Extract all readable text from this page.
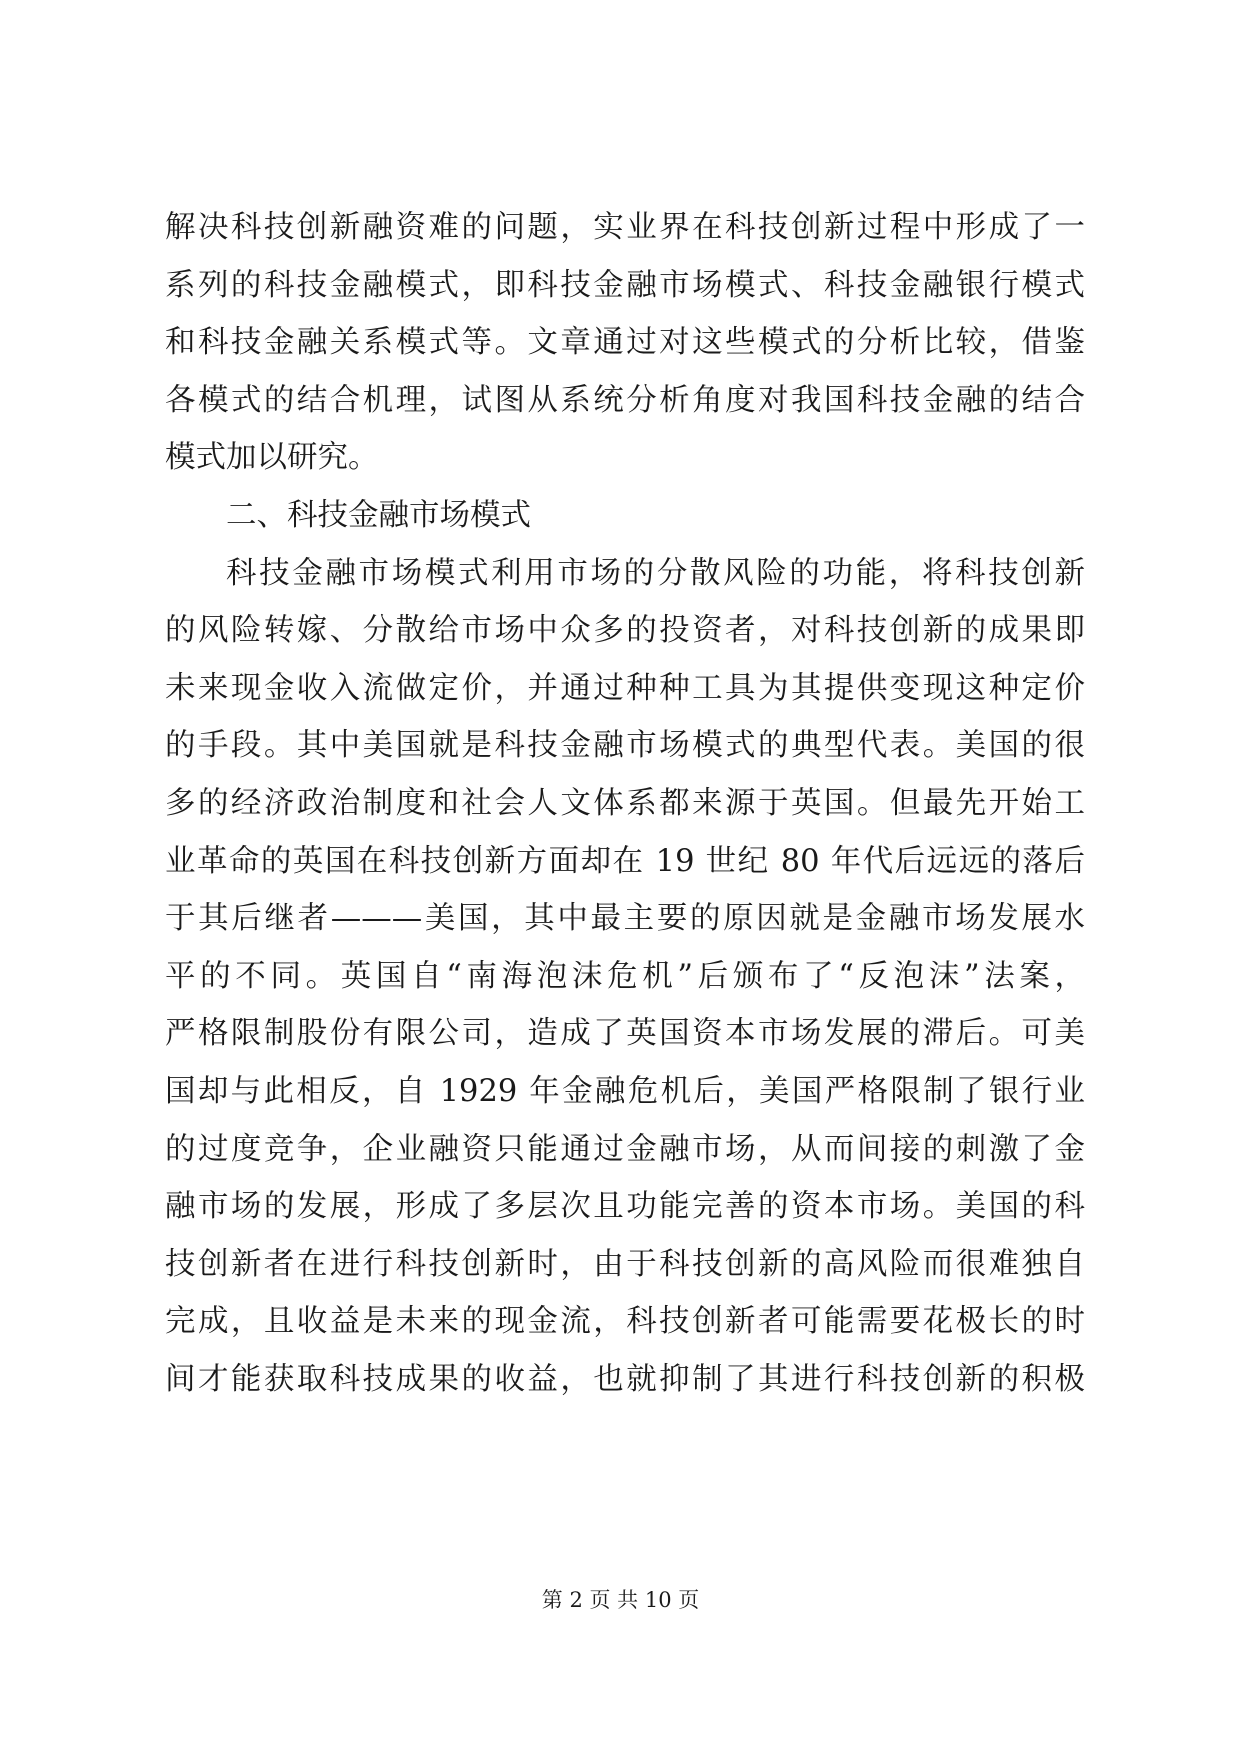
解决科技创新融资难的问题，实业界在科技创新过程中形成了一
系列的科技金融模式，即科技金融市场模式、科技金融银行模式
和科技金融关系模式等。文章通过对这些模式的分析比较，借鉴
各模式的结合机理，试图从系统分析角度对我国科技金融的结合
模式加以研究。
二、科技金融市场模式
科技金融市场模式利用市场的分散风险的功能，将科技创新
的风险转嫁、分散给市场中众多的投资者，对科技创新的成果即
未来现金收入流做定价，并通过种种工具为其提供变现这种定价
的手段。其中美国就是科技金融市场模式的典型代表。美国的很
多的经济政治制度和社会人文体系都来源于英国。但最先开始工
业革命的英国在科技创新方面却在 19 世纪 80 年代后远远的落后
于其后继者———美国，其中最主要的原因就是金融市场发展水
平的不同。英国自“南海泡沫危机”后颁布了“反泡沫”法案，
严格限制股份有限公司，造成了英国资本市场发展的滞后。可美
国却与此相反，自 1929 年金融危机后，美国严格限制了银行业
的过度竞争，企业融资只能通过金融市场，从而间接的刺激了金
融市场的发展，形成了多层次且功能完善的资本市场。美国的科
技创新者在进行科技创新时，由于科技创新的高风险而很难独自
完成，且收益是未来的现金流，科技创新者可能需要花极长的时
间才能获取科技成果的收益，也就抑制了其进行科技创新的积极
第 2 页 共 10 页
